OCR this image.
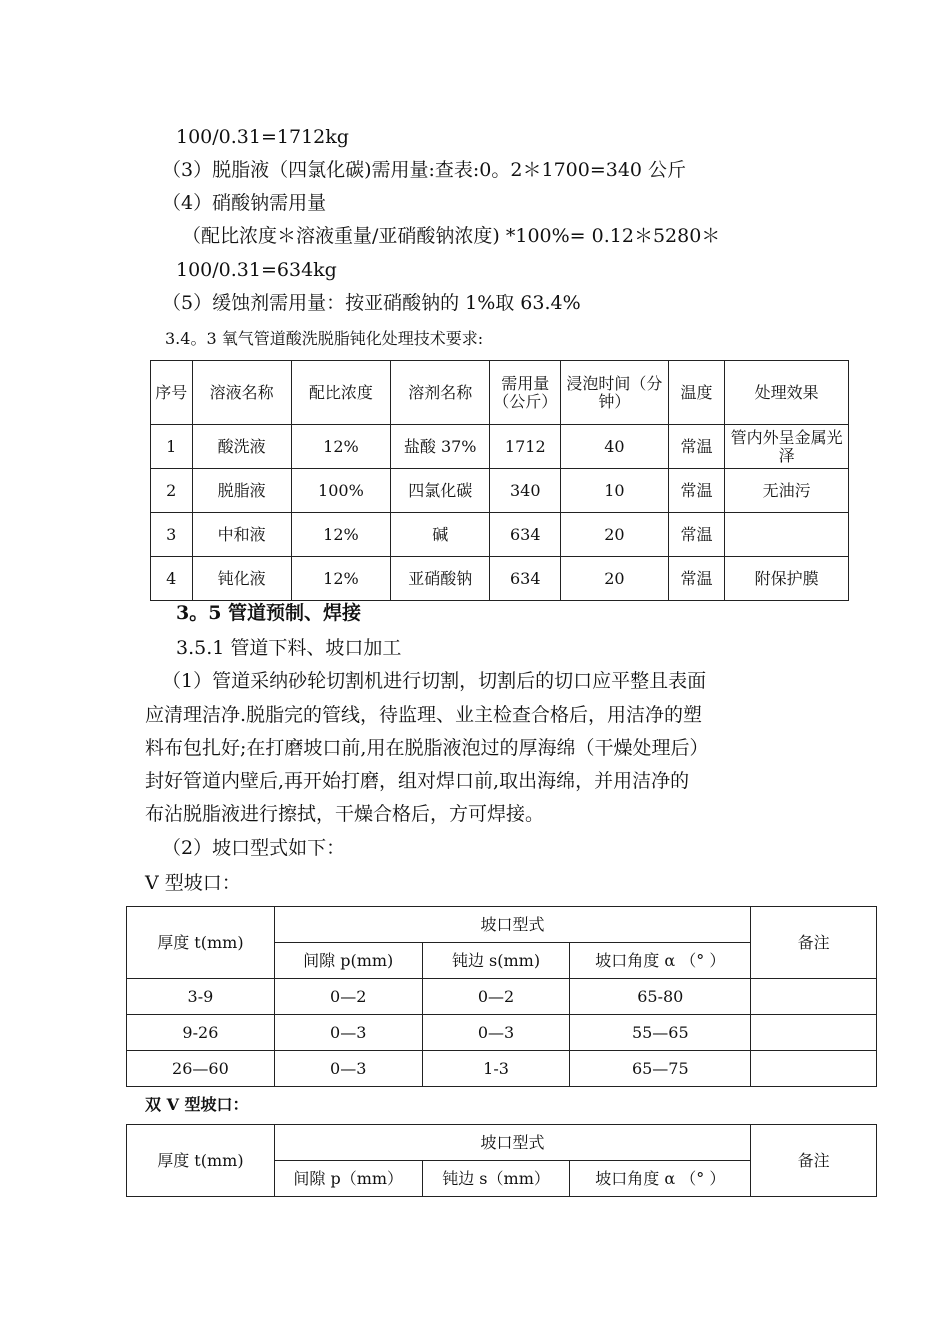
100/0.31=1712kg
（3）脱脂液（四氯化碳)需用量:查表:0。2＊1700=340 公斤
（4）硝酸钠需用量
（配比浓度＊溶液重量/亚硝酸钠浓度) *100%= 0.12＊5280＊
100/0.31=634kg
（5）缓蚀剂需用量：按亚硝酸钠的 1%取 63.4%
3.4。3 氧气管道酸洗脱脂钝化处理技术要求:
序号	溶液名称	配比浓度	溶剂名称	需用量（公斤）	浸泡时间（分钟）	温度	处理效果
1	酸洗液	12%	盐酸 37%	1712	40	常温	管内外呈金属光泽
2	脱脂液	100%	四氯化碳	340	10	常温	无油污
3	中和液	12%	碱	634	20	常温	
4	钝化液	12%	亚硝酸钠	634	20	常温	附保护膜
3。5 管道预制、焊接
3.5.1 管道下料、坡口加工
（1）管道采纳砂轮切割机进行切割，切割后的切口应平整且表面
应清理洁净.脱脂完的管线，待监理、业主检查合格后，用洁净的塑
料布包扎好;在打磨坡口前,用在脱脂液泡过的厚海绵（干燥处理后）
封好管道内壁后,再开始打磨，组对焊口前,取出海绵，并用洁净的
布沾脱脂液进行擦拭，干燥合格后，方可焊接。
（2）坡口型式如下：
V 型坡口：
厚度 t(mm)	坡口型式			备注
	间隙 p(mm)	钝边 s(mm)	坡口角度 α （° ）	
3-9	0—2	0—2	65-80	
9-26	0—3	0—3	55—65	
26—60	0—3	1-3	65—75	
双 V 型坡口：
厚度 t(mm)	坡口型式			备注
	间隙 p（mm）	钝边 s（mm）	坡口角度 α （° ）	
